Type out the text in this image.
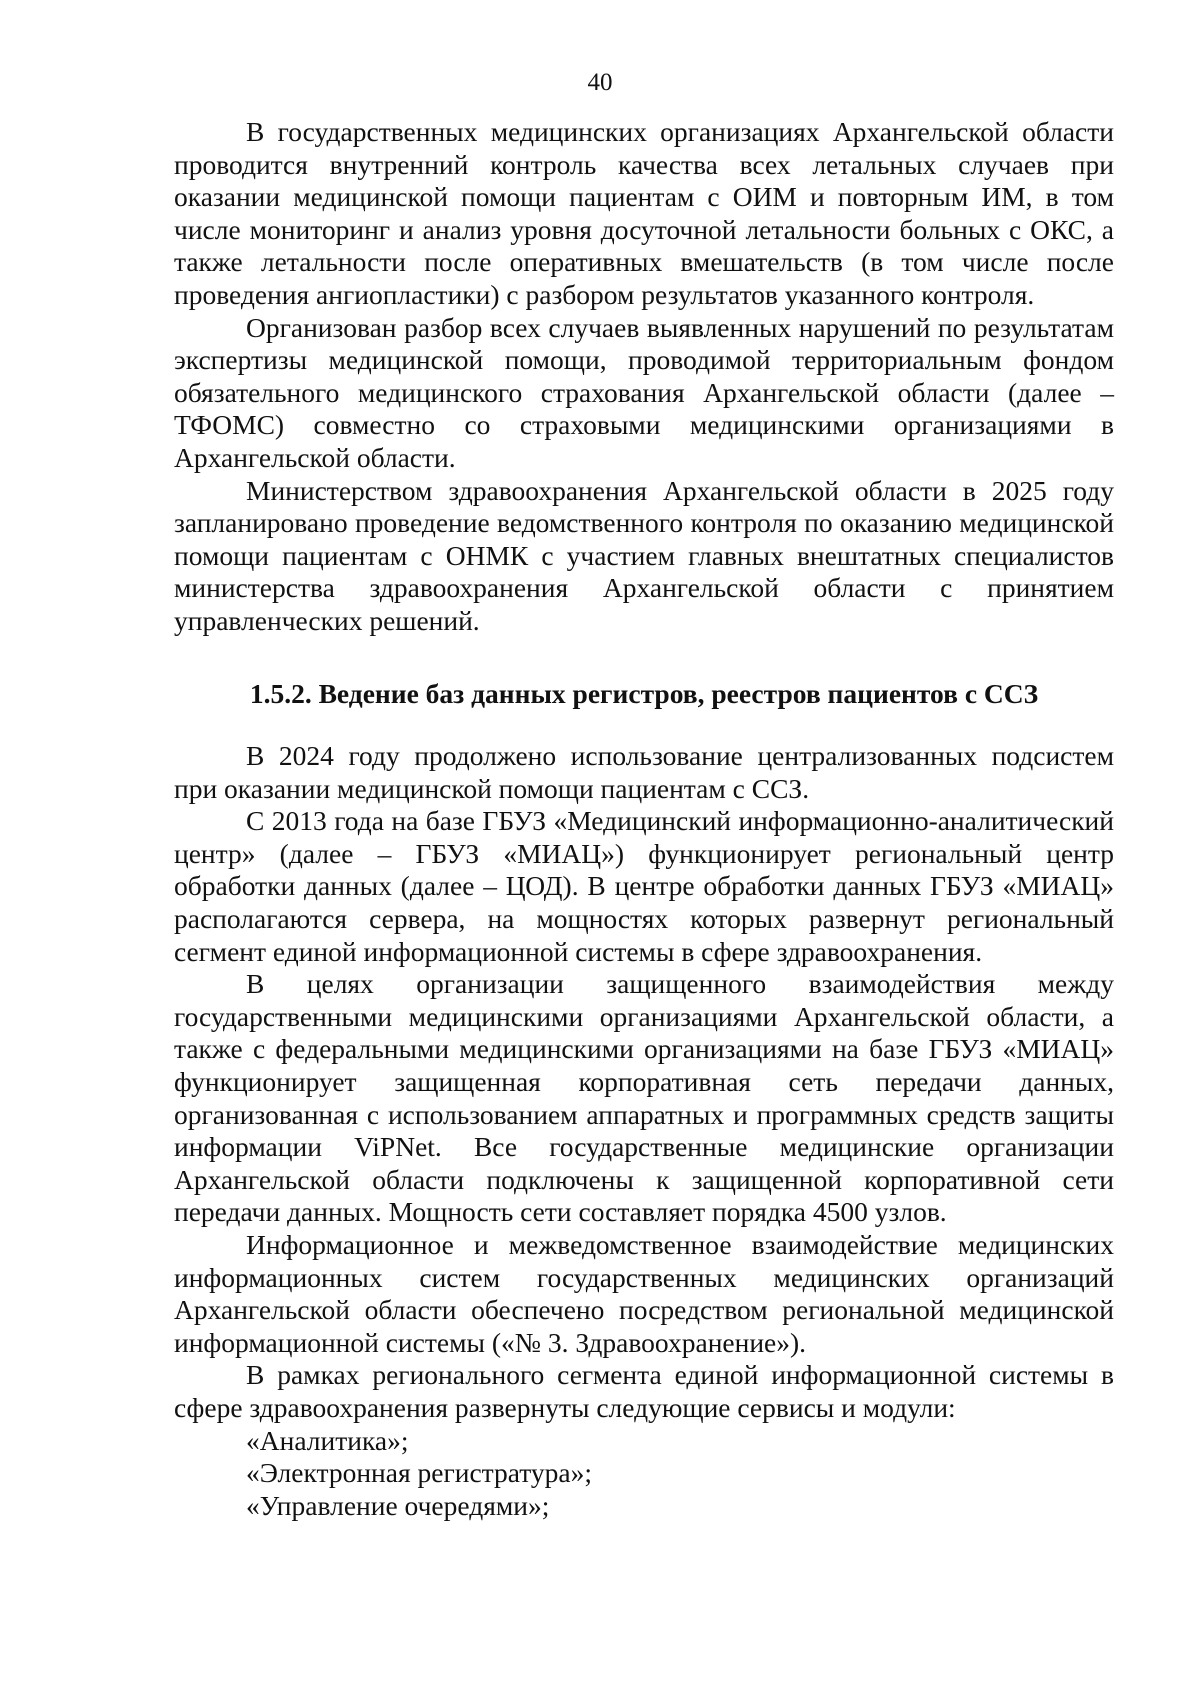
40

В государственных медицинских организациях Архангельской области проводится внутренний контроль качества всех летальных случаев при оказании медицинской помощи пациентам с ОИМ и повторным ИМ, в том числе мониторинг и анализ уровня досуточной летальности больных с ОКС, а также летальности после оперативных вмешательств (в том числе после проведения ангиопластики) с разбором результатов указанного контроля.

Организован разбор всех случаев выявленных нарушений по результатам экспертизы медицинской помощи, проводимой территориальным фондом обязательного медицинского страхования Архангельской области (далее – ТФОМС) совместно со страховыми медицинскими организациями в Архангельской области.

Министерством здравоохранения Архангельской области в 2025 году запланировано проведение ведомственного контроля по оказанию медицинской помощи пациентам с ОНМК с участием главных внештатных специалистов министерства здравоохранения Архангельской области с принятием управленческих решений.

1.5.2. Ведение баз данных регистров, реестров пациентов с ССЗ

В 2024 году продолжено использование централизованных подсистем при оказании медицинской помощи пациентам с ССЗ.

С 2013 года на базе ГБУЗ «Медицинский информационно-аналитический центр» (далее – ГБУЗ «МИАЦ») функционирует региональный центр обработки данных (далее – ЦОД). В центре обработки данных ГБУЗ «МИАЦ» располагаются сервера, на мощностях которых развернут региональный сегмент единой информационной системы в сфере здравоохранения.

В целях организации защищенного взаимодействия между государственными медицинскими организациями Архангельской области, а также с федеральными медицинскими организациями на базе ГБУЗ «МИАЦ» функционирует защищенная корпоративная сеть передачи данных, организованная с использованием аппаратных и программных средств защиты информации ViPNet. Все государственные медицинские организации Архангельской области подключены к защищенной корпоративной сети передачи данных. Мощность сети составляет порядка 4500 узлов.

Информационное и межведомственное взаимодействие медицинских информационных систем государственных медицинских организаций Архангельской области обеспечено посредством региональной медицинской информационной системы («№ 3. Здравоохранение»).

В рамках регионального сегмента единой информационной системы в сфере здравоохранения развернуты следующие сервисы и модули:

«Аналитика»;

«Электронная регистратура»;

«Управление очередями»;
